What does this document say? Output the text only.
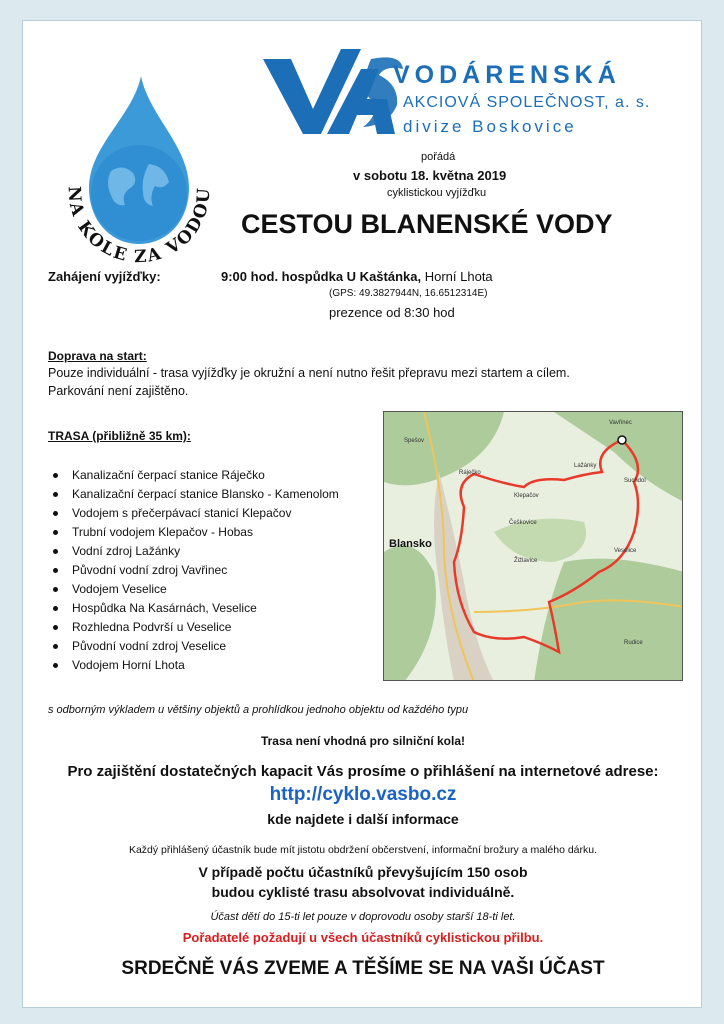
NA KOLE ZA VODOU
VODÁRENSKÁ
AKCIOVÁ SPOLEČNOST, a. s.
divize Boskovice
pořádá
v sobotu 18. května 2019
cyklistickou vyjížďku
CESTOU BLANENSKÉ VODY
Zahájení vyjížďky:	9:00 hod. hospůdka U Kaštánka, Horní Lhota
(GPS: 49.3827944N, 16.6512314E)
prezence od 8:30 hod
Doprava na start:
Pouze individuální - trasa vyjížďky je okružní a není nutno řešit přepravu mezi startem a cílem.
Parkování není zajištěno.
TRASA (přibližně 35 km):
Kanalizační čerpací stanice Ráječko
Kanalizační čerpací stanice Blansko - Kamenolom
Vodojem s přečerpávací stanicí Klepačov
Trubní vodojem Klepačov - Hobas
Vodní zdroj Lažánky
Původní vodní zdroj Vavřinec
Vodojem Veselice
Hospůdka Na Kasárnách, Veselice
Rozhledna Podvrší u Veselice
Původní vodní zdroj Veselice
Vodojem Horní Lhota
Blansko
Vavřinec
Spešov
Ráječko
Lažánky
Veselice
Klepačov
Žižlavice
Rudice
Suchdol
Češkovice
s odborným výkladem u většiny objektů a prohlídkou jednoho objektu od každého typu
Trasa není vhodná pro silniční kola!
Pro zajištění dostatečných kapacit Vás prosíme o přihlášení na internetové adrese:
http://cyklo.vasbo.cz
kde najdete i další informace
Každý přihlášený účastník bude mít jistotu obdržení občerstvení, informační brožury a malého dárku.
V případě počtu účastníků převyšujícím 150 osob
budou cyklisté trasu absolvovat individuálně.
Účast dětí do 15-ti let pouze v doprovodu osoby starší 18-ti let.
Pořadatelé požadují u všech účastníků cyklistickou přilbu.
SRDEČNĚ VÁS ZVEME A TĚŠÍME SE NA VAŠI ÚČAST
